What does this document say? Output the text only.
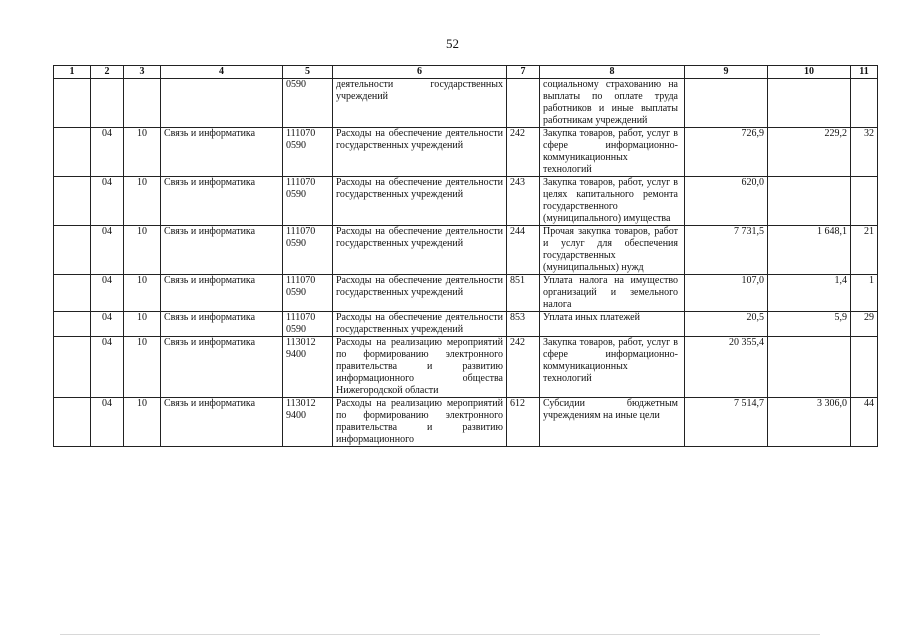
52
1	2	3	4	5	6	7	8	9	10	11
				0590	деятельности государственных учреждений		социальному страхованию на выплаты по оплате труда работников и иные выплаты работникам учреждений			
	04	10	Связь и информатика	111070 0590	Расходы на обеспечение деятельности государственных учреждений	242	Закупка товаров, работ, услуг в сфере информационно-коммуникационных технологий	726,9	229,2	32
	04	10	Связь и информатика	111070 0590	Расходы на обеспечение деятельности государственных учреждений	243	Закупка товаров, работ, услуг в целях капитального ремонта государственного (муниципального) имущества	620,0		
	04	10	Связь и информатика	111070 0590	Расходы на обеспечение деятельности государственных учреждений	244	Прочая закупка товаров, работ и услуг для обеспечения государственных (муниципальных) нужд	7 731,5	1 648,1	21
	04	10	Связь и информатика	111070 0590	Расходы на обеспечение деятельности государственных учреждений	851	Уплата налога на имущество организаций и земельного налога	107,0	1,4	1
	04	10	Связь и информатика	111070 0590	Расходы на обеспечение деятельности государственных учреждений	853	Уплата иных платежей	20,5	5,9	29
	04	10	Связь и информатика	113012 9400	Расходы на реализацию мероприятий по формированию электронного правительства и развитию информационного общества Нижегородской области	242	Закупка товаров, работ, услуг в сфере информационно-коммуникационных технологий	20 355,4		
	04	10	Связь и информатика	113012 9400	Расходы на реализацию мероприятий по формированию электронного правительства и развитию информационного	612	Субсидии бюджетным учреждениям на иные цели	7 514,7	3 306,0	44
